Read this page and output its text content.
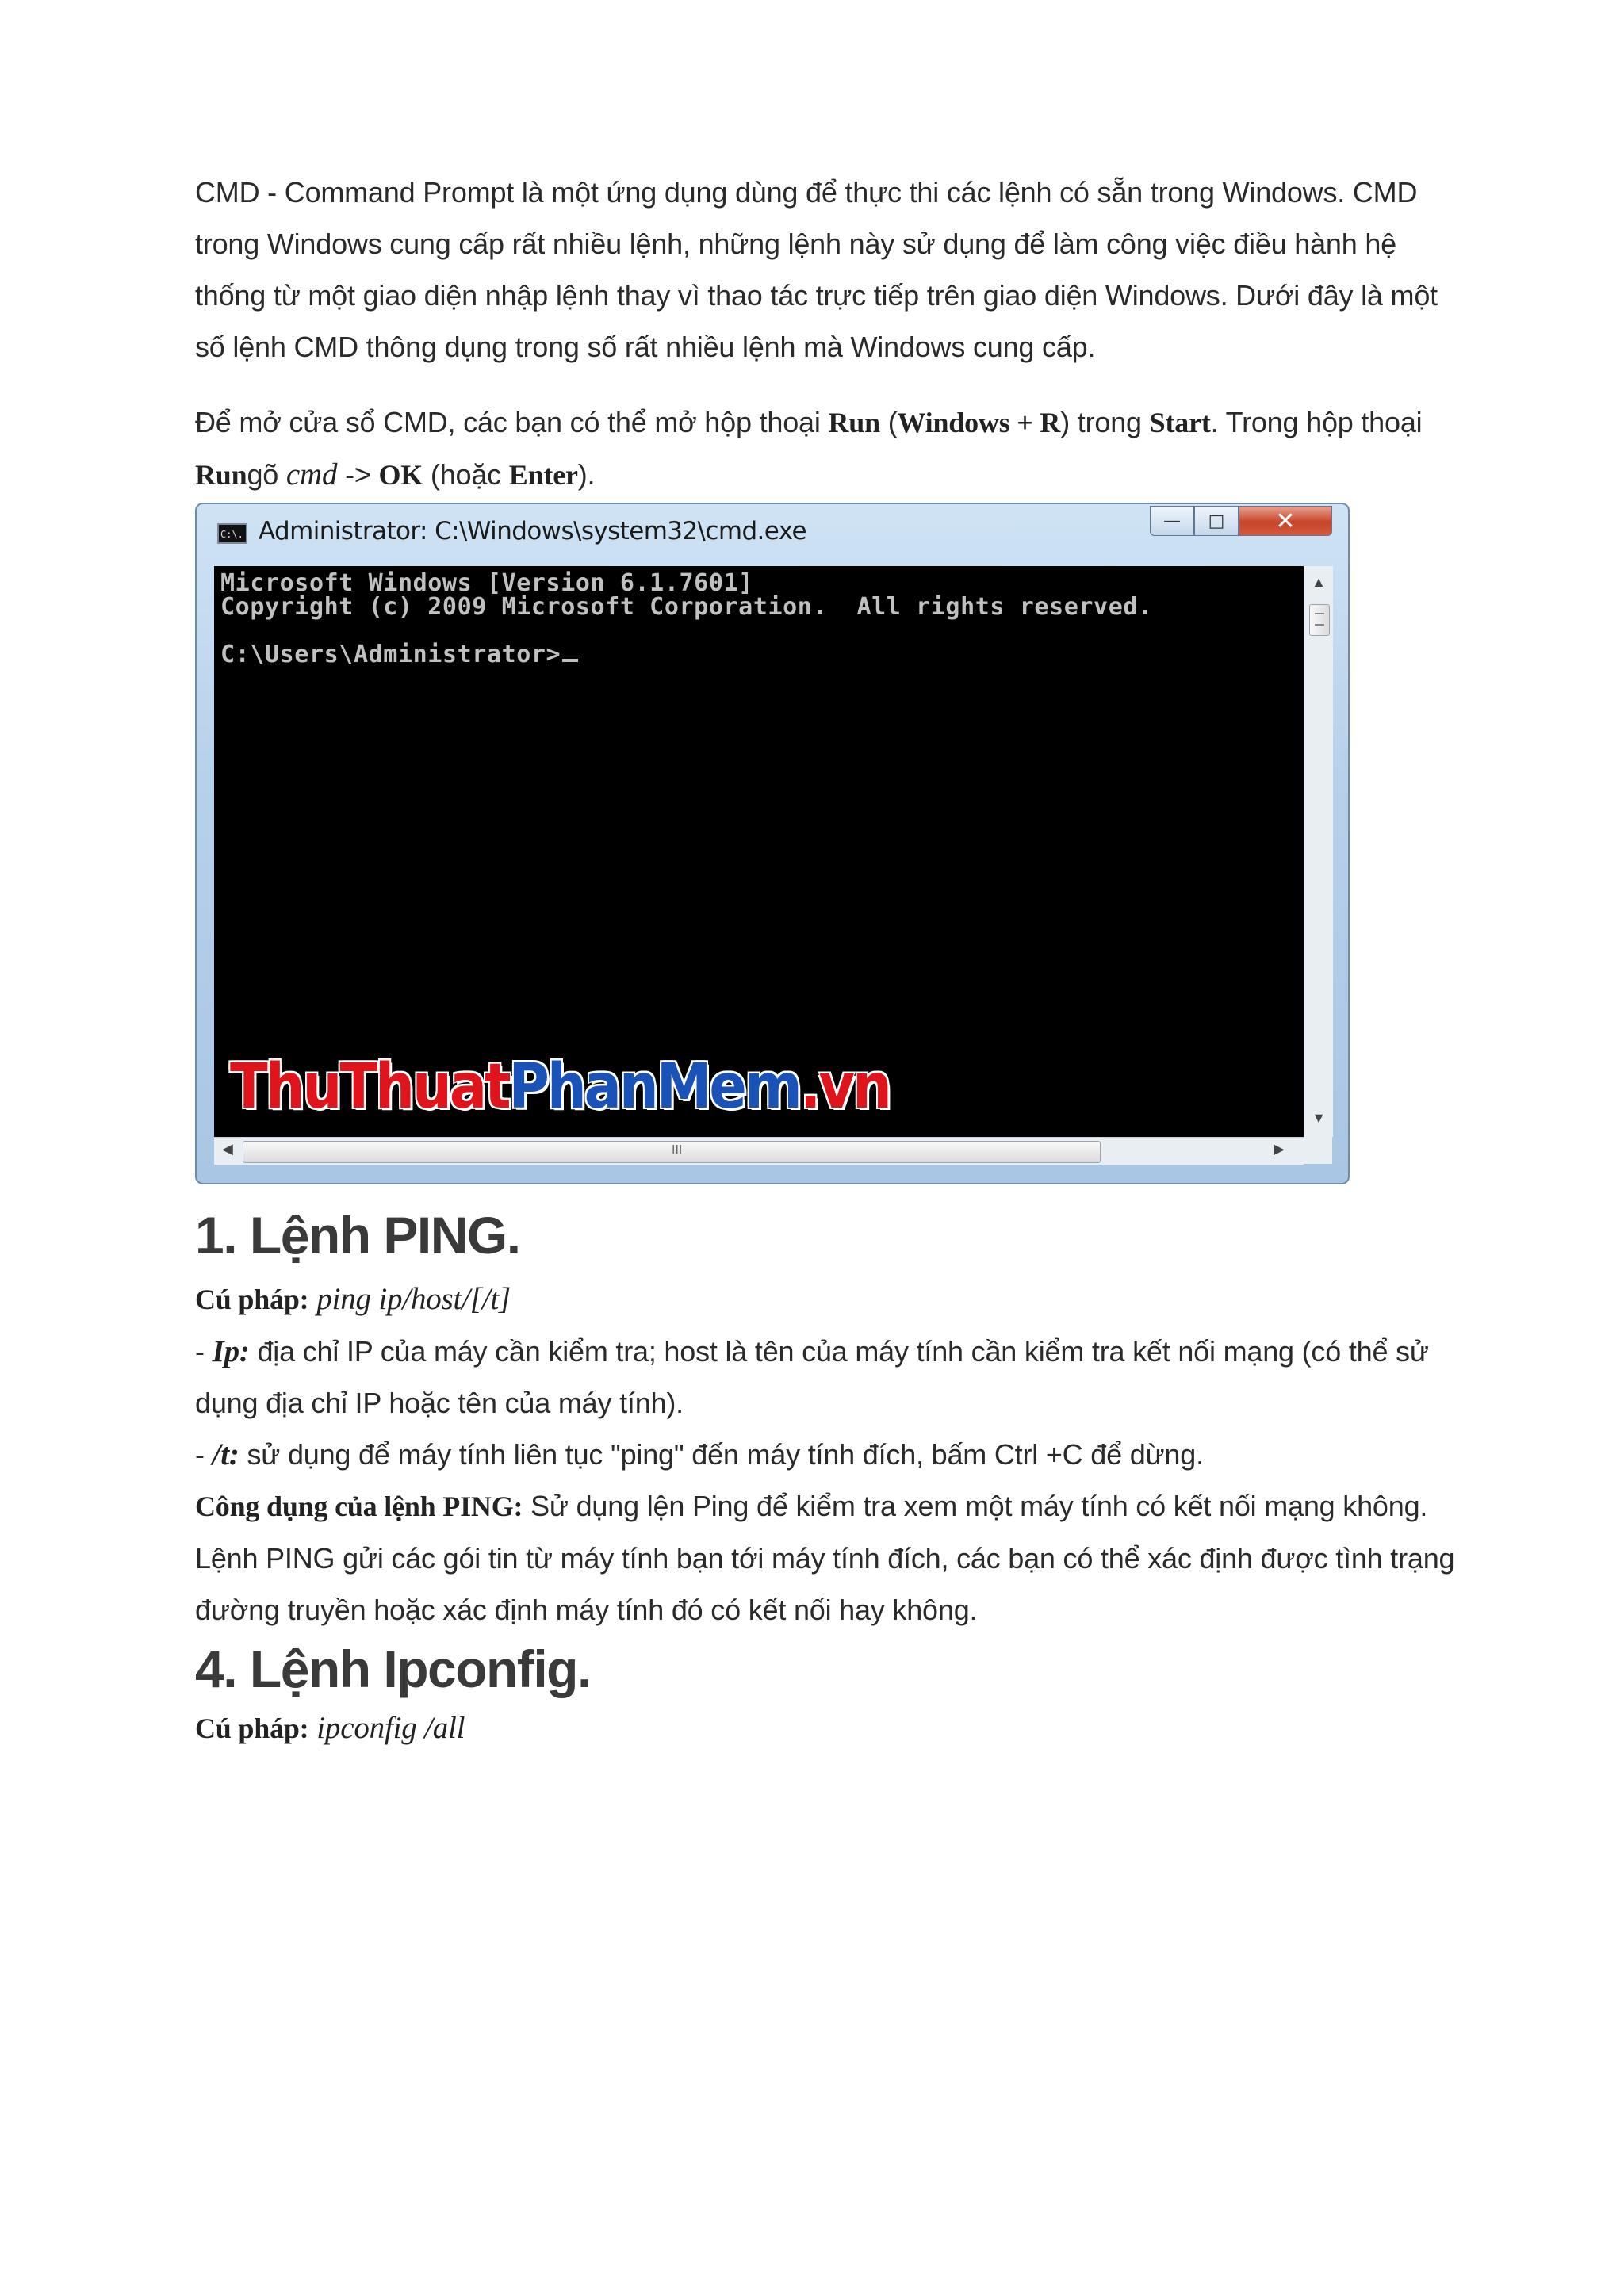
CMD - Command Prompt là một ứng dụng dùng để thực thi các lệnh có sẵn trong Windows. CMD trong Windows cung cấp rất nhiều lệnh, những lệnh này sử dụng để làm công việc điều hành hệ thống từ một giao diện nhập lệnh thay vì thao tác trực tiếp trên giao diện Windows. Dưới đây là một số lệnh CMD thông dụng trong số rất nhiều lệnh mà Windows cung cấp.

Để mở cửa sổ CMD, các bạn có thể mở hộp thoại Run (Windows + R) trong Start. Trong hộp thoại Rungõ cmd -> OK (hoặc Enter).

C:\. Administrator: C:\Windows\system32\cmd.exe	—	□	✕
Microsoft Windows [Version 6.1.7601]
Copyright (c) 2009 Microsoft Corporation.  All rights reserved.
C:\Users\Administrator>
ThuThuatPhanMem.vn
▲
▼
◀	III	▶
1. Lệnh PING.

Cú pháp: ping ip/host/[/t]

- Ip: địa chỉ IP của máy cần kiểm tra; host là tên của máy tính cần kiểm tra kết nối mạng (có thể sử dụng địa chỉ IP hoặc tên của máy tính).

- /t: sử dụng để máy tính liên tục "ping" đến máy tính đích, bấm Ctrl +C để dừng.

Công dụng của lệnh PING: Sử dụng lện Ping để kiểm tra xem một máy tính có kết nối mạng không. Lệnh PING gửi các gói tin từ máy tính bạn tới máy tính đích, các bạn có thể xác định được tình trạng đường truyền hoặc xác định máy tính đó có kết nối hay không.

4. Lệnh Ipconfig.

Cú pháp: ipconfig /all
